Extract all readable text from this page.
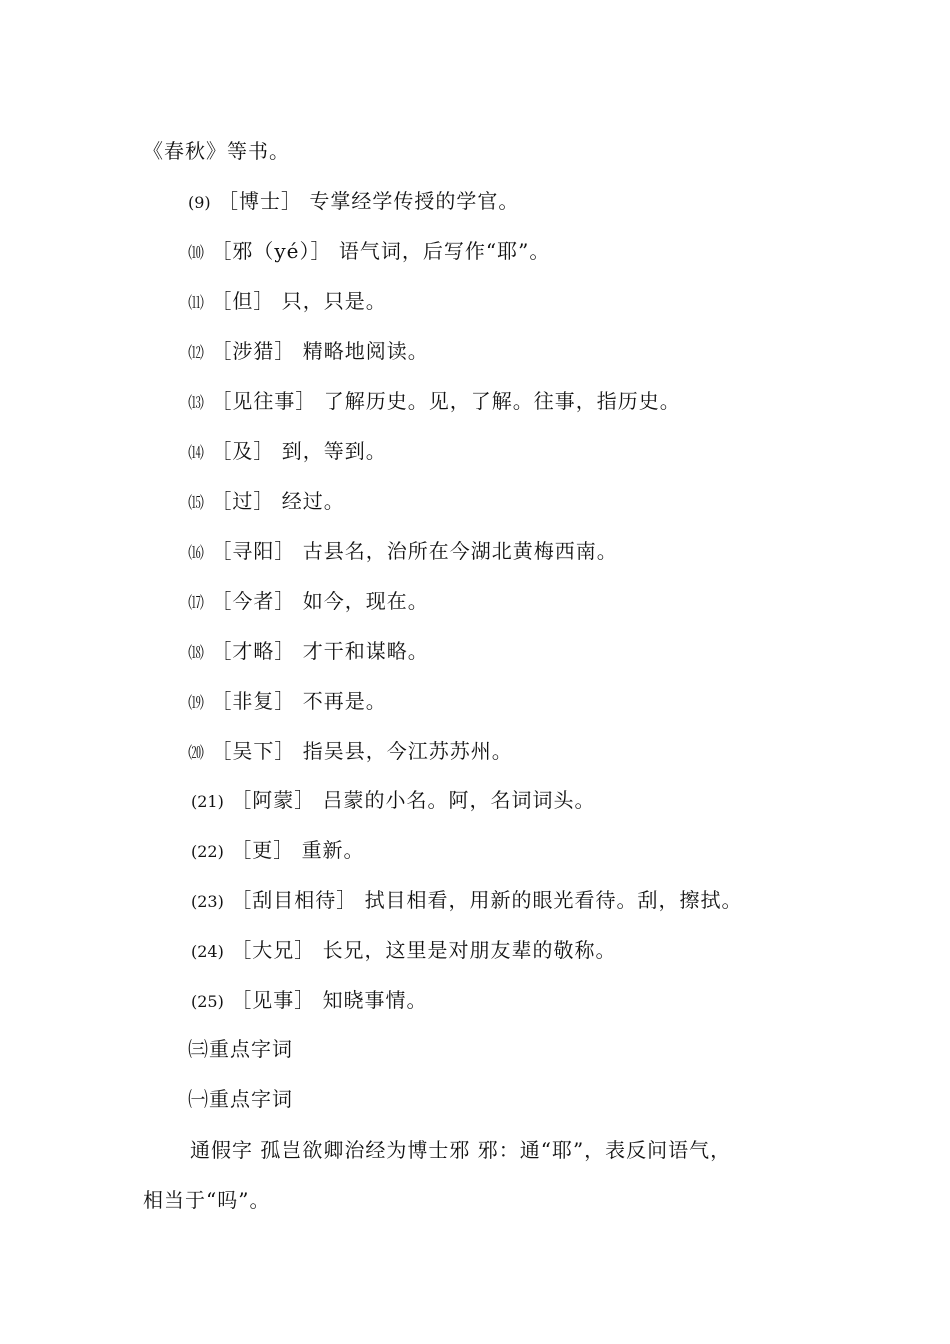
《春秋》等书。
(9) ［博士］ 专掌经学传授的学官。
⑽ ［邪（yé）］ 语气词，后写作“耶”。
⑾ ［但］ 只，只是。
⑿ ［涉猎］ 精略地阅读。
⒀ ［见往事］ 了解历史。见，了解。往事，指历史。
⒁ ［及］ 到，等到。
⒂ ［过］ 经过。
⒃ ［寻阳］ 古县名，治所在今湖北黄梅西南。
⒄ ［今者］ 如今，现在。
⒅ ［才略］ 才干和谋略。
⒆ ［非复］ 不再是。
⒇ ［吴下］ 指吴县，今江苏苏州。
(21) ［阿蒙］ 吕蒙的小名。阿，名词词头。
(22) ［更］ 重新。
(23) ［刮目相待］ 拭目相看，用新的眼光看待。刮，擦拭。
(24) ［大兄］ 长兄，这里是对朋友辈的敬称。
(25) ［见事］ 知晓事情。
㈢重点字词
㈠重点字词
通假字 孤岂欲卿治经为博士邪 邪：通“耶”，表反问语气，
相当于“吗”。
